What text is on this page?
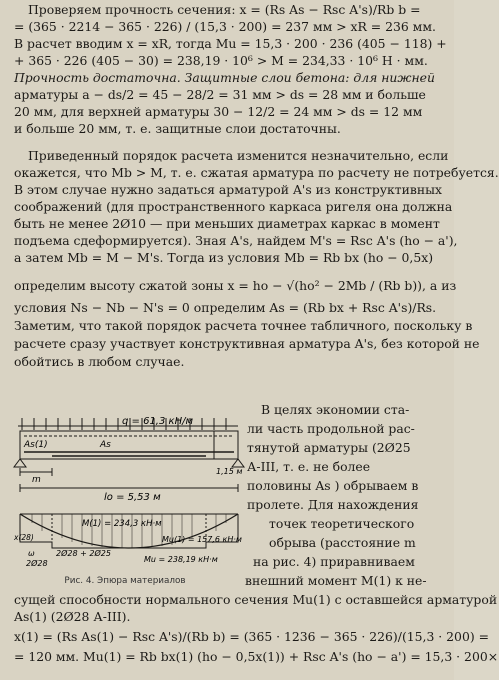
Проверяем прочность сечения: x = (Rs As − Rsc A's)/Rb b =
= (365 · 2214 − 365 · 226) / (15,3 · 200) = 237 мм > xR = 236 мм.
В расчет вводим x = xR, тогда Mu = 15,3 · 200 · 236 (405 − 118) +
+ 365 · 226 (405 − 30) = 238,19 · 10⁶ > M = 234,33 · 10⁶ Н · мм.
Прочность достаточна. Защитные слои бетона: для нижней
арматуры a − ds/2 = 45 − 28/2 = 31 мм > ds = 28 мм и больше
20 мм, для верхней арматуры 30 − 12/2 = 24 мм > ds = 12 мм
и больше 20 мм, т. е. защитные слои достаточны.
Приведенный порядок расчета изменится незначительно, если
окажется, что Mb > M, т. е. сжатая арматура по расчету не потребуется.
В этом случае нужно задаться арматурой A's из конструктивных
соображений (для пространственного каркаса ригеля она должна
быть не менее 2Ø10 — при меньших диаметрах каркас в момент
подъема сдеформируется). Зная A's, найдем M's = Rsc A's (ho − a'),
а затем Mb = M − M's. Тогда из условия Mb = Rb bx (ho − 0,5x)
определим высоту сжатой зоны x = ho − √(ho² − 2Mb / (Rb b)), а из
условия Ns − Nb − N's = 0 определим As = (Rb bx + Rsc A's)/Rs.
Заметим, что такой порядок расчета точнее табличного, поскольку в
расчете сразу участвует конструктивная арматура A's, без которой не
обойтись в любом случае.
q = 61,3 кН/м
As(1)	As
m
1,15 м
lo = 5,53 м
M(1) = 234,3 кН·м
Mu(1) = 157,6 кН·м
x(28)
ω	2Ø28 + 2Ø25
2Ø28	Mu = 238,19 кН·м
Рис. 4. Эпюра материалов
В целях экономии ста-
ли часть продольной рас-
тянутой арматуры (2Ø25
А-III, т. е. не более
половины As ) обрываем в
пролете. Для нахождения
точек теоретического
обрыва (расстояние m
на рис. 4) приравниваем
внешний момент M(1) к не-
сущей способности нормального сечения Mu(1) с оставшейся арматурой
As(1) (2Ø28 А-III).
x(1) = (Rs As(1) − Rsc A's)/(Rb b) = (365 · 1236 − 365 · 226)/(15,3 · 200) =
= 120 мм. Mu(1) = Rb bx(1) (ho − 0,5x(1)) + Rsc A's (ho − a') = 15,3 · 200×
